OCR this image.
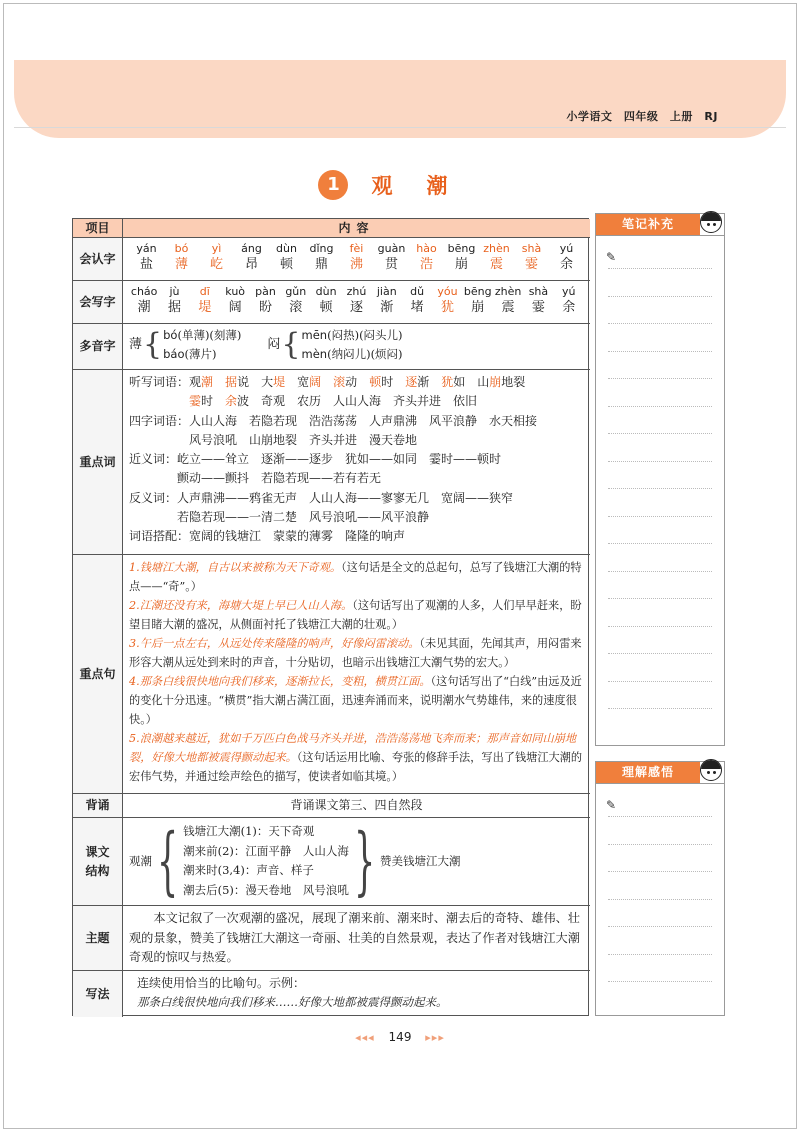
小学语文　四年级　上册　RJ
1 观潮
项目	内容
会认字
yán	bó	yì	áng	dùn	dǐng	fèi	guàn hào bēng zhèn	shà	yú
盐	薄	屹	昂	顿	鼎	沸	贯	浩	崩	震	霎	余
会写字
cháo	jù	dī	kuò pàn gǔn dùn zhú jiàn	dǔ	yóu bēng zhèn shà	yú
潮	据	堤	阔	盼	滚	顿	逐	渐	堵	犹	崩	震	霎	余
多音字	薄 { bó(单薄)(刻薄)
báo(薄片)
闷 { mēn(闷热)(闷头儿)
mèn(纳闷儿)(烦闷)
重点词
听写词语：观潮　 据说　大堤　宽阔　 滚动　顿时　逐渐　犹如　山崩地裂
霎时　余波　奇观　农历　人山人海　齐头并进　依旧
四字词语：人山人海　若隐若现　浩浩荡荡　人声鼎沸　风平浪静　水天相接
风号浪吼　山崩地裂　齐头并进　漫天卷地
近义词：屹立——耸立　逐渐——逐步　犹如——如同　霎时——顿时
颤动——颤抖　若隐若现——若有若无
反义词：人声鼎沸——鸦雀无声　人山人海——寥寥无几　宽阔——狭窄
若隐若现——一清二楚　风号浪吼——风平浪静
词语搭配：宽阔的钱塘江　蒙蒙的薄雾　隆隆的响声
重点句
1.钱塘江大潮，自古以来被称为天下奇观。（这句话是全文的总起句，总写了钱塘江大潮的特点——“奇”。）
2.江潮还没有来，海塘大堤上早已人山人海。（这句话写出了观潮的人多，人们早早赶来，盼望目睹大潮的盛况，从侧面衬托了钱塘江大潮的壮观。）
3.午后一点左右，从远处传来隆隆的响声，好像闷雷滚动。（未见其面，先闻其声，用闷雷来形容大潮从远处到来时的声音，十分贴切，也暗示出钱塘江大潮气势的宏大。）
4.那条白线很快地向我们移来，逐渐拉长，变粗，横贯江面。（这句话写出了“白线”由远及近的变化十分迅速。“横贯”指大潮占满江面，迅速奔涌而来，说明潮水气势雄伟，来的速度很快。）
5.浪潮越来越近，犹如千万匹白色战马齐头并进，浩浩荡荡地飞奔而来；那声音如同山崩地裂，好像大地都被震得颤动起来。（这句话运用比喻、夸张的修辞手法，写出了钱塘江大潮的宏伟气势，并通过绘声绘色的描写，使读者如临其境。）
背诵	背诵课文第三、四自然段
课文结构
观潮 { 钱塘江大潮(1)：天下奇观
潮来前(2)：江面平静　人山人海
潮来时(3,4)：声音、样子
潮去后(5)：漫天卷地　风号浪吼 } 赞美钱塘江大潮
主题
本文记叙了一次观潮的盛况，展现了潮来前、潮来时、潮去后的奇特、雄伟、壮观的景象，赞美了钱塘江大潮这一奇丽、壮美的自然景观，表达了作者对钱塘江大潮奇观的惊叹与热爱。
写法
连续使用恰当的比喻句。示例：
那条白线很快地向我们移来……好像大地都被震得颤动起来。
笔记补充
✎
理解感悟
✎
◂◂◂ 149 ▸▸▸
